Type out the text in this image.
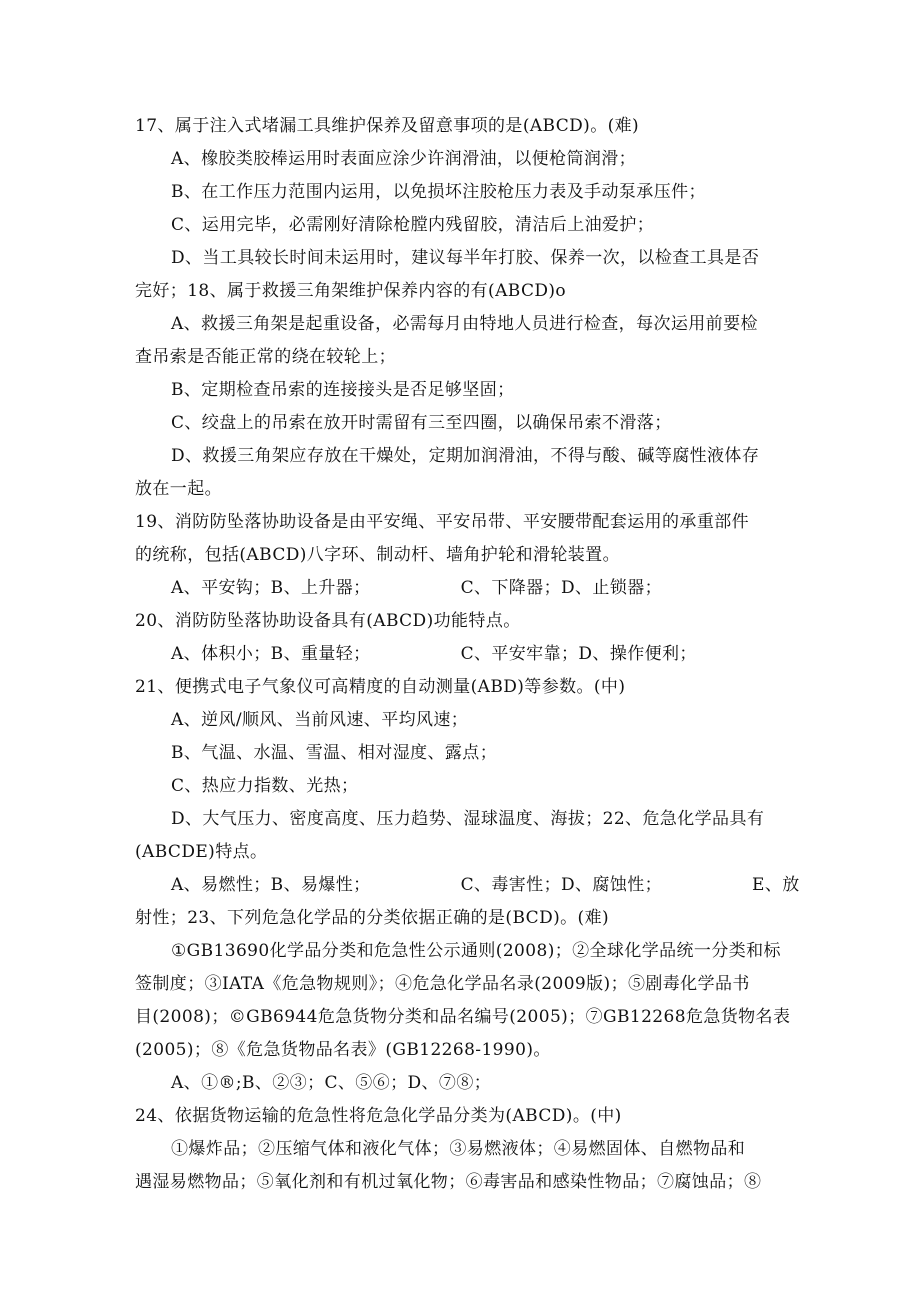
17、属于注入式堵漏工具维护保养及留意事项的是(ABCD)。(难)
A、橡胶类胶棒运用时表面应涂少许润滑油，以便枪筒润滑；
B、在工作压力范围内运用，以免损坏注胶枪压力表及手动泵承压件；
C、运用完毕，必需刚好清除枪膛内残留胶，清洁后上油爱护；
D、当工具较长时间未运用时，建议每半年打胶、保养一次，以检查工具是否
完好；18、属于救援三角架维护保养内容的有(ABCD)o
A、救援三角架是起重设备，必需每月由特地人员进行检查，每次运用前要检
查吊索是否能正常的绕在较轮上；
B、定期检查吊索的连接接头是否足够坚固；
C、绞盘上的吊索在放开时需留有三至四圈，以确保吊索不滑落；
D、救援三角架应存放在干燥处，定期加润滑油，不得与酸、碱等腐性液体存
放在一起。
19、消防防坠落协助设备是由平安绳、平安吊带、平安腰带配套运用的承重部件
的统称，包括(ABCD)八字环、制动杆、墙角护轮和滑轮装置。
A、平安钩；B、上升器；	C、下降器；D、止锁器；
20、消防防坠落协助设备具有(ABCD)功能特点。
A、体积小；B、重量轻；	C、平安牢靠；D、操作便利；
21、便携式电子气象仪可高精度的自动测量(ABD)等参数。(中)
A、逆风/顺风、当前风速、平均风速；
B、气温、水温、雪温、相对湿度、露点；
C、热应力指数、光热；
D、大气压力、密度高度、压力趋势、湿球温度、海拔；22、危急化学品具有
(ABCDE)特点。
A、易燃性；B、易爆性；	C、毒害性；D、腐蚀性；	E、放
射性；23、下列危急化学品的分类依据正确的是(BCD)。(难)
①GB13690化学品分类和危急性公示通则(2008)；②全球化学品统一分类和标
签制度；③IATA《危急物规则》；④危急化学品名录(2009版)；⑤剧毒化学品书
目(2008)；©GB6944危急货物分类和品名编号(2005)；⑦GB12268危急货物名表
(2005)；⑧《危急货物品名表》(GB12268-1990)。
A、①®;B、②③；C、⑤⑥；D、⑦⑧；
24、依据货物运输的危急性将危急化学品分类为(ABCD)。(中)
①爆炸品；②压缩气体和液化气体；③易燃液体；④易燃固体、自燃物品和
遇湿易燃物品；⑤氧化剂和有机过氧化物；⑥毒害品和感染性物品；⑦腐蚀品；⑧
